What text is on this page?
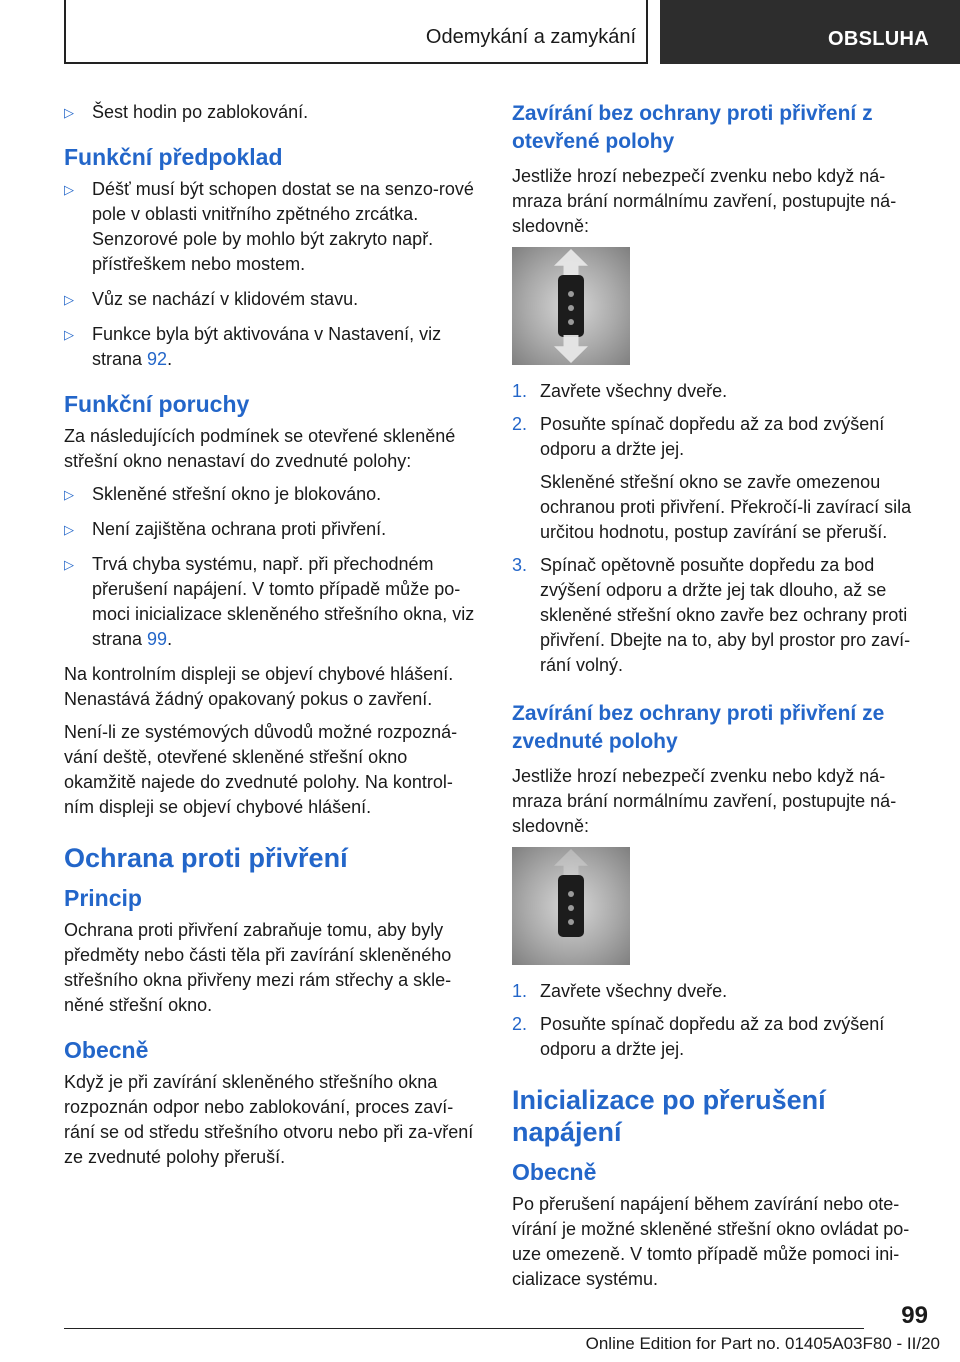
Odemykání a zamykání	OBSLUHA
▷	Šest hodin po zablokování.
Funkční předpoklad
▷	Déšť musí být schopen dostat se na senzo-rové pole v oblasti vnitřního zpětného zrcátka. Senzorové pole by mohlo být zakryto např. přístřeškem nebo mostem.
▷	Vůz se nachází v klidovém stavu.
▷	Funkce byla být aktivována v Nastavení, viz strana 92.
Funkční poruchy

Za následujících podmínek se otevřené skleněné střešní okno nenastaví do zvednuté polohy:

▷	Skleněné střešní okno je blokováno.
▷	Není zajištěna ochrana proti přivření.
▷	Trvá chyba systému, např. při přechodném přerušení napájení. V tomto případě může po-moci inicializace skleněného střešního okna, viz strana 99.

Na kontrolním displeji se objeví chybové hlášení. Nenastává žádný opakovaný pokus o zavření.

Není-li ze systémových důvodů možné rozpozná-vání deště, otevřené skleněné střešní okno okamžitě najede do zvednuté polohy. Na kontrol-ním displeji se objeví chybové hlášení.

Ochrana proti přivření
Princip

Ochrana proti přivření zabraňuje tomu, aby byly předměty nebo části těla při zavírání skleněného střešního okna přivřeny mezi rám střechy a skle-něné střešní okno.

Obecně

Když je při zavírání skleněného střešního okna rozpoznán odpor nebo zablokování, proces zaví-rání se od středu střešního otvoru nebo při za-vření ze zvednuté polohy přeruší.

Zavírání bez ochrany proti přivření z otevřené polohy

Jestliže hrozí nebezpečí zvenku nebo když ná-mraza brání normálnímu zavření, postupujte ná-sledovně:

1. Zavřete všechny dveře.
2. Posuňte spínač dopředu až za bod zvýšení odporu a držte jej.
Skleněné střešní okno se zavře omezenou ochranou proti přivření. Překročí-li zavírací sila určitou hodnotu, postup zavírání se přeruší.
3. Spínač opětovně posuňte dopředu za bod zvýšení odporu a držte jej tak dlouho, až se skleněné střešní okno zavře bez ochrany proti přivření. Dbejte na to, aby byl prostor pro zaví-rání volný.
Zavírání bez ochrany proti přivření ze zvednuté polohy

Jestliže hrozí nebezpečí zvenku nebo když ná-mraza brání normálnímu zavření, postupujte ná-sledovně:

1. Zavřete všechny dveře.
2. Posuňte spínač dopředu až za bod zvýšení odporu a držte jej.
Inicializace po přerušení napájení
Obecně

Po přerušení napájení během zavírání nebo ote-vírání je možné skleněné střešní okno ovládat po-uze omezeně. V tomto případě může pomoci ini-cializace systému.

99
Online Edition for Part no. 01405A03F80 - II/20
